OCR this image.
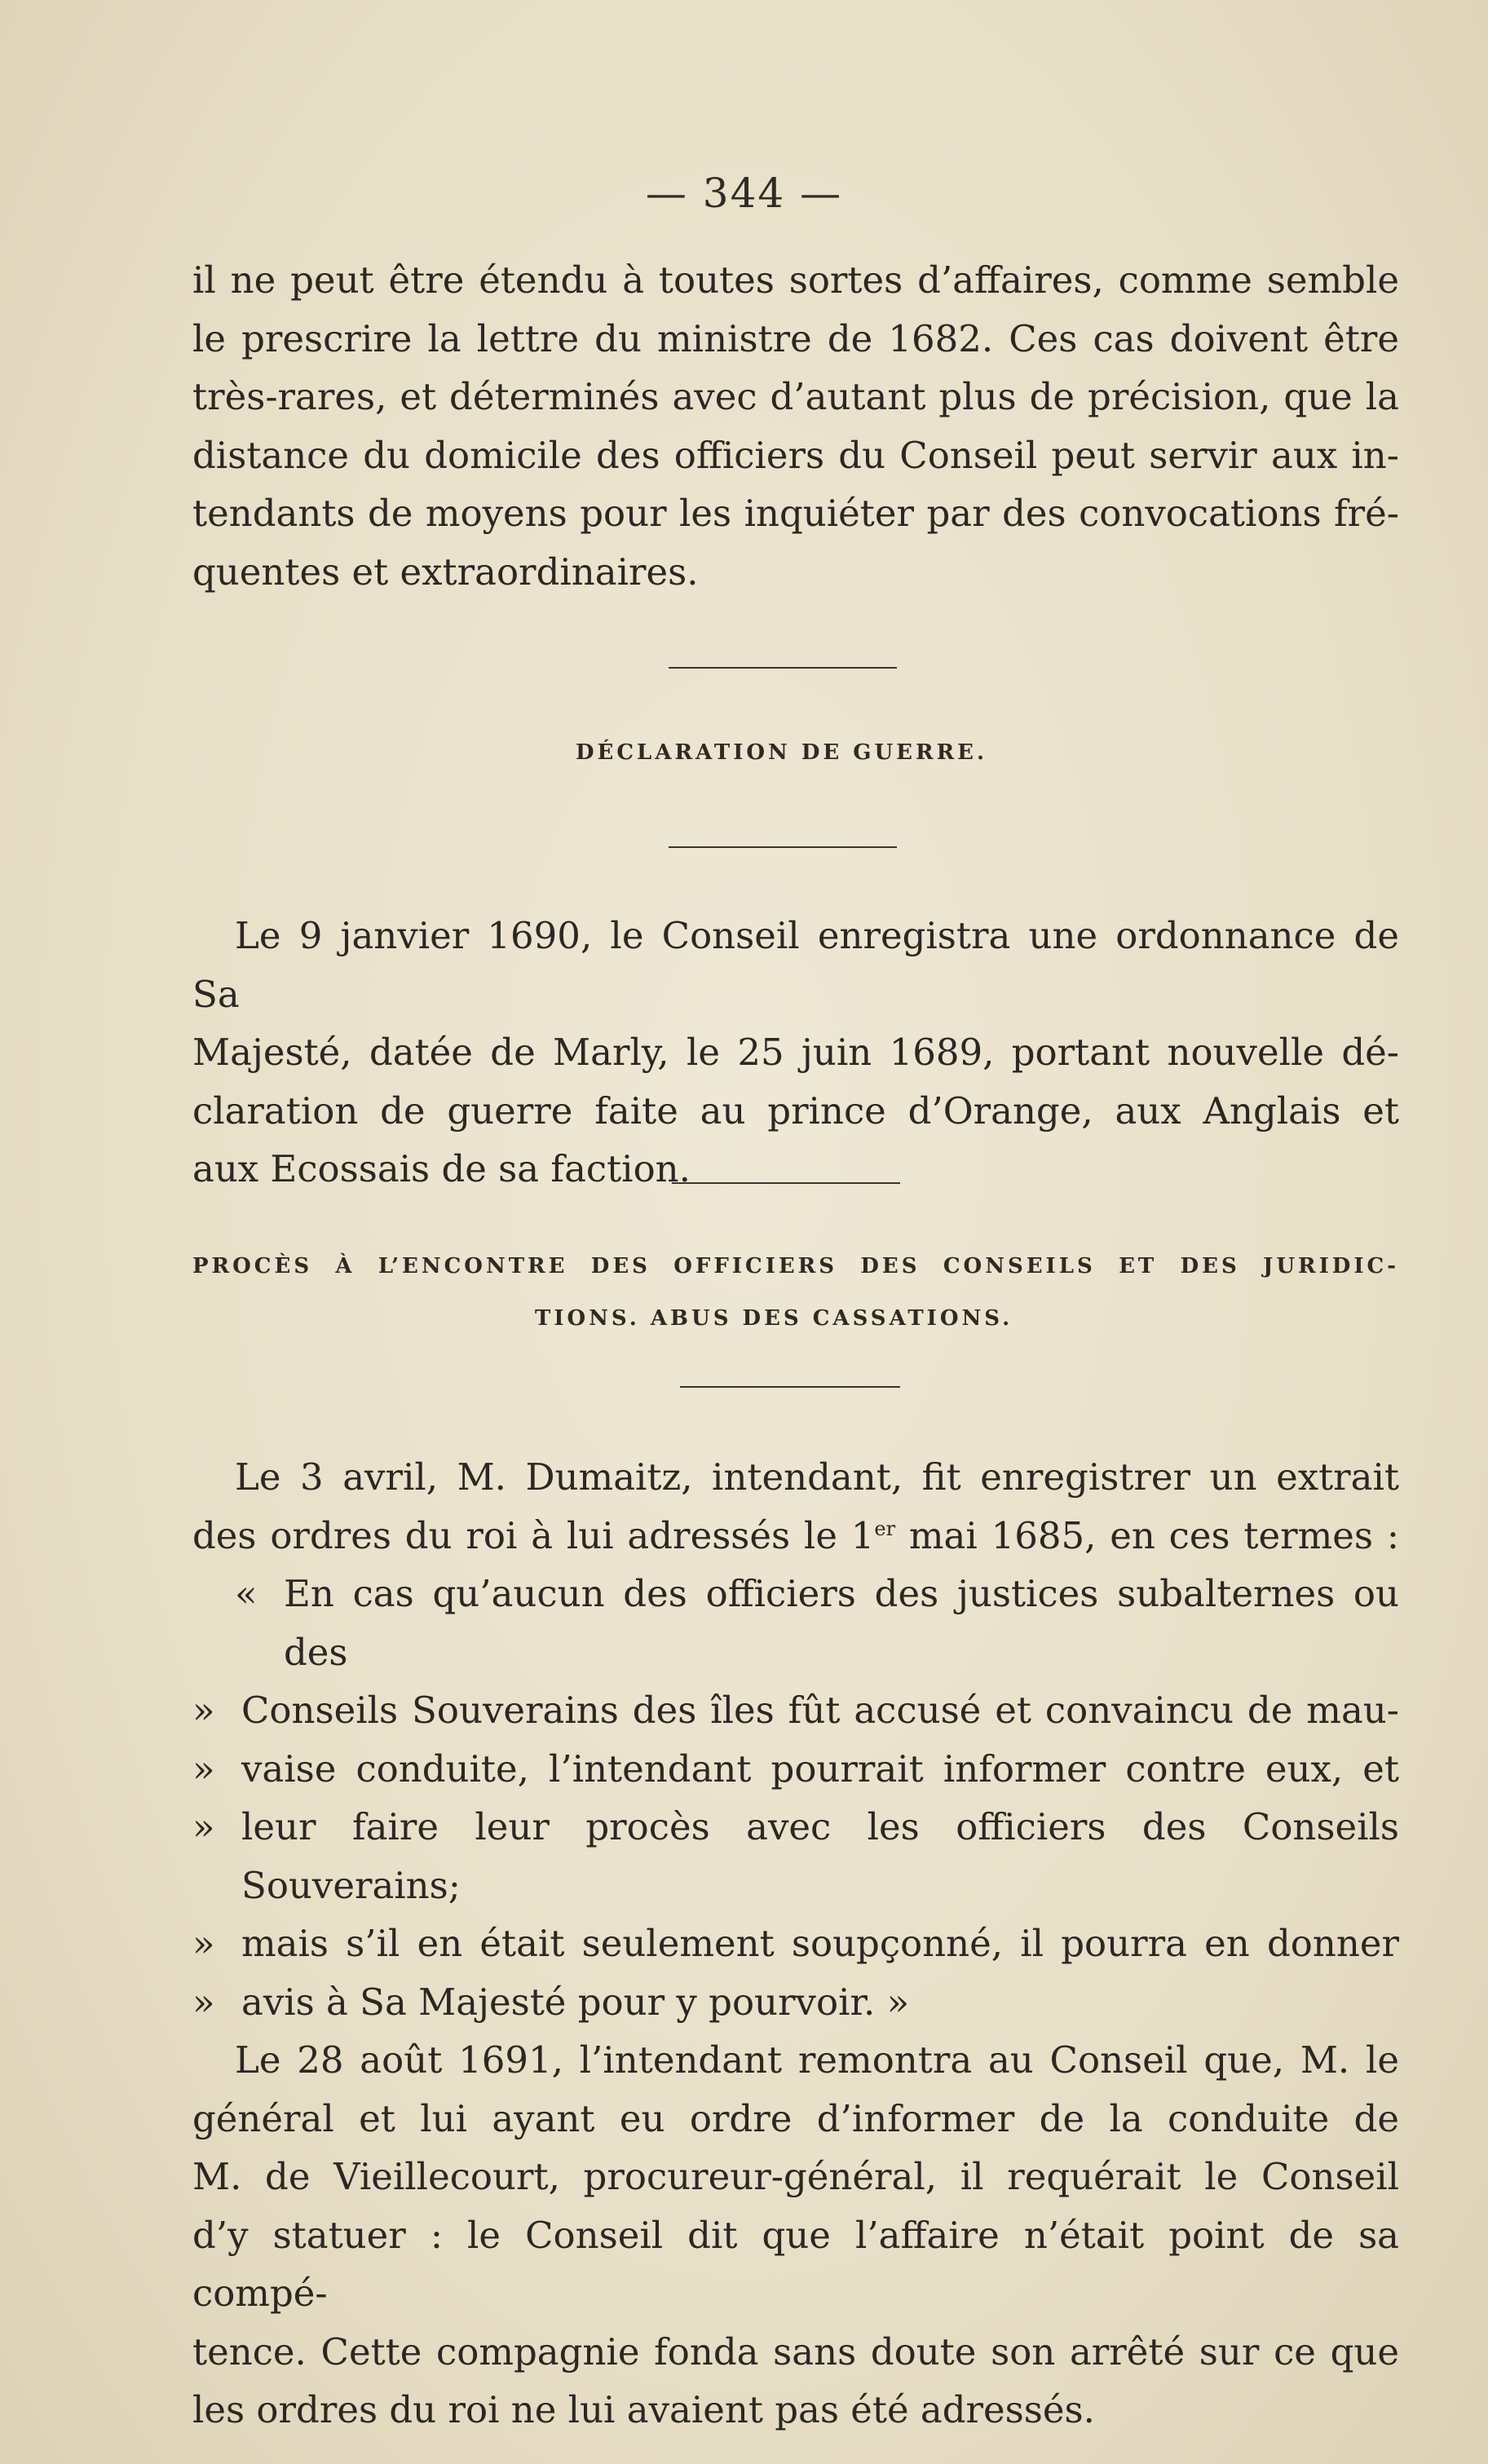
— 344 —
il ne peut être étendu à toutes sortes d’affaires, comme semble
le prescrire la lettre du ministre de 1682. Ces cas doivent être
très-rares, et déterminés avec d’autant plus de précision, que la
distance du domicile des officiers du Conseil peut servir aux in-
tendants de moyens pour les inquiéter par des convocations fré-
quentes et extraordinaires.
DÉCLARATION DE GUERRE.
Le 9 janvier 1690, le Conseil enregistra une ordonnance de Sa
Majesté, datée de Marly, le 25 juin 1689, portant nouvelle dé-
claration de guerre faite au prince d’Orange, aux Anglais et
aux Ecossais de sa faction.
PROCÈS À L’ENCONTRE DES OFFICIERS DES CONSEILS ET DES JURIDIC-
TIONS. ABUS DES CASSATIONS.
Le 3 avril, M. Dumaitz, intendant, fit enregistrer un extrait
des ordres du roi à lui adressés le 1er mai 1685, en ces termes :
« En cas qu’aucun des officiers des justices subalternes ou des
» Conseils Souverains des îles fût accusé et convaincu de mau-
» vaise conduite, l’intendant pourrait informer contre eux, et
» leur faire leur procès avec les officiers des Conseils Souverains;
» mais s’il en était seulement soupçonné, il pourra en donner
» avis à Sa Majesté pour y pourvoir. »
Le 28 août 1691, l’intendant remontra au Conseil que, M. le
général et lui ayant eu ordre d’informer de la conduite de
M. de Vieillecourt, procureur-général, il requérait le Conseil
d’y statuer : le Conseil dit que l’affaire n’était point de sa compé-
tence. Cette compagnie fonda sans doute son arrêté sur ce que
les ordres du roi ne lui avaient pas été adressés.
